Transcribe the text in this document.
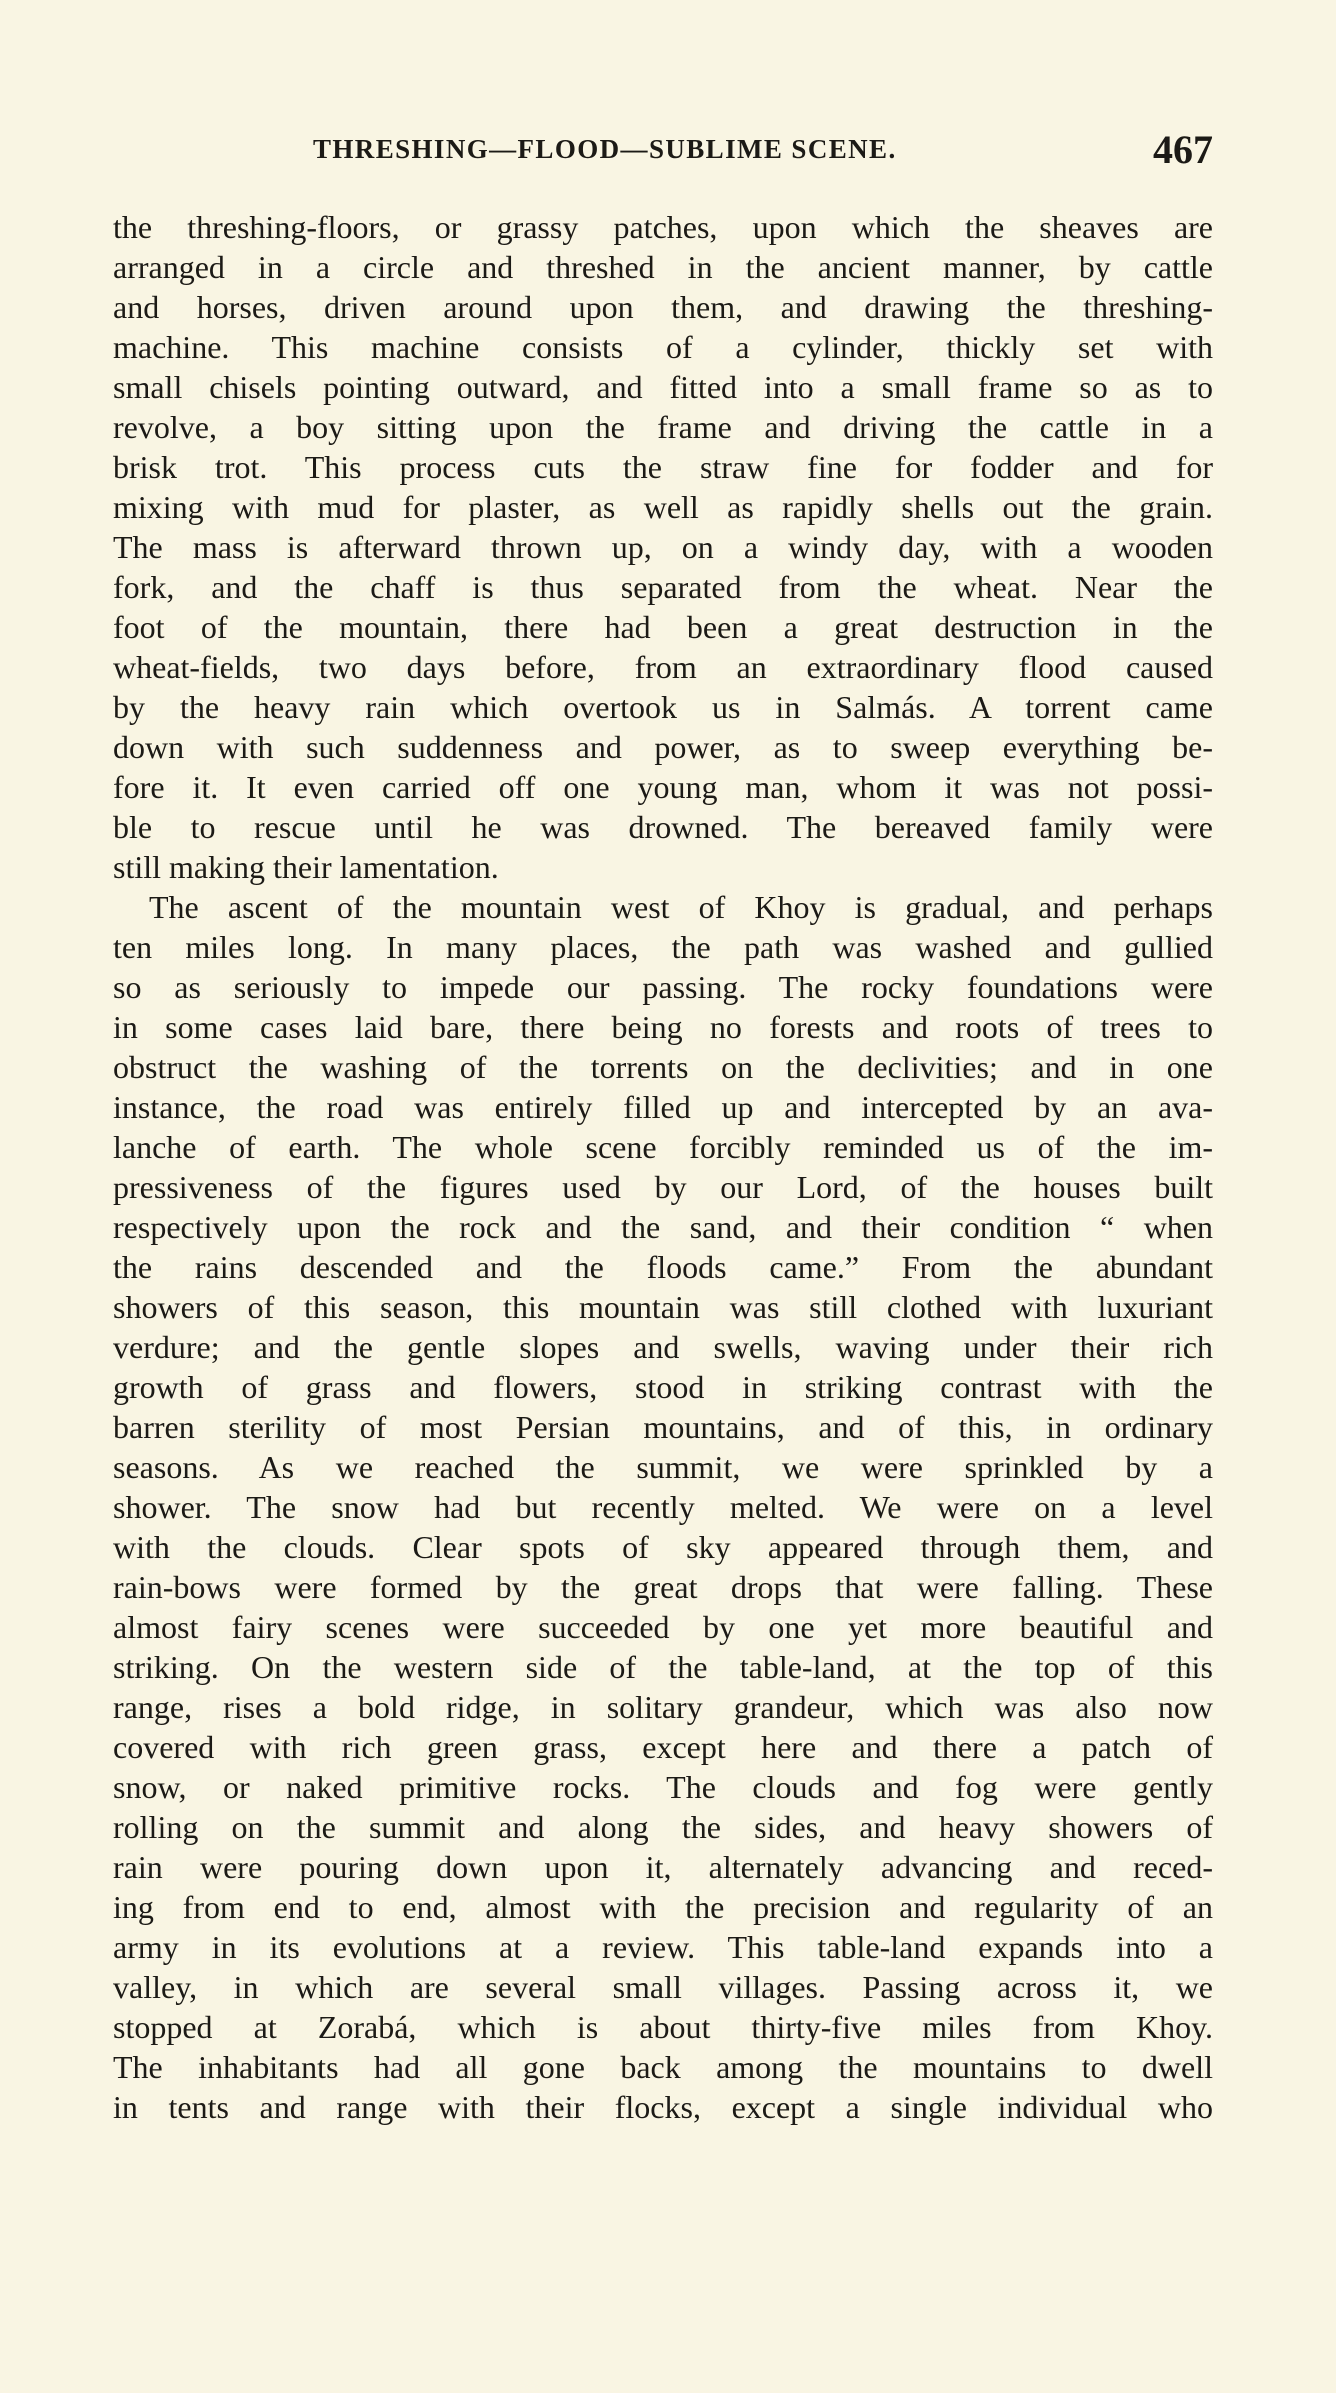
THRESHING—FLOOD—SUBLIME SCENE.	467
the threshing-floors, or grassy patches, upon which the sheaves are
arranged in a circle and threshed in the ancient manner, by cattle
and horses, driven around upon them, and drawing the threshing-
machine. This machine consists of a cylinder, thickly set with
small chisels pointing outward, and fitted into a small frame so as to
revolve, a boy sitting upon the frame and driving the cattle in a
brisk trot. This process cuts the straw fine for fodder and for
mixing with mud for plaster, as well as rapidly shells out the grain.
The mass is afterward thrown up, on a windy day, with a wooden
fork, and the chaff is thus separated from the wheat. Near the
foot of the mountain, there had been a great destruction in the
wheat-fields, two days before, from an extraordinary flood caused
by the heavy rain which overtook us in Salmás. A torrent came
down with such suddenness and power, as to sweep everything be-
fore it. It even carried off one young man, whom it was not possi-
ble to rescue until he was drowned. The bereaved family were
still making their lamentation.
The ascent of the mountain west of Khoy is gradual, and perhaps
ten miles long. In many places, the path was washed and gullied
so as seriously to impede our passing. The rocky foundations were
in some cases laid bare, there being no forests and roots of trees to
obstruct the washing of the torrents on the declivities; and in one
instance, the road was entirely filled up and intercepted by an ava-
lanche of earth. The whole scene forcibly reminded us of the im-
pressiveness of the figures used by our Lord, of the houses built
respectively upon the rock and the sand, and their condition “ when
the rains descended and the floods came.” From the abundant
showers of this season, this mountain was still clothed with luxuriant
verdure; and the gentle slopes and swells, waving under their rich
growth of grass and flowers, stood in striking contrast with the
barren sterility of most Persian mountains, and of this, in ordinary
seasons. As we reached the summit, we were sprinkled by a
shower. The snow had but recently melted. We were on a level
with the clouds. Clear spots of sky appeared through them, and
rain-bows were formed by the great drops that were falling. These
almost fairy scenes were succeeded by one yet more beautiful and
striking. On the western side of the table-land, at the top of this
range, rises a bold ridge, in solitary grandeur, which was also now
covered with rich green grass, except here and there a patch of
snow, or naked primitive rocks. The clouds and fog were gently
rolling on the summit and along the sides, and heavy showers of
rain were pouring down upon it, alternately advancing and reced-
ing from end to end, almost with the precision and regularity of an
army in its evolutions at a review. This table-land expands into a
valley, in which are several small villages. Passing across it, we
stopped at Zorabá, which is about thirty-five miles from Khoy.
The inhabitants had all gone back among the mountains to dwell
in tents and range with their flocks, except a single individual who
